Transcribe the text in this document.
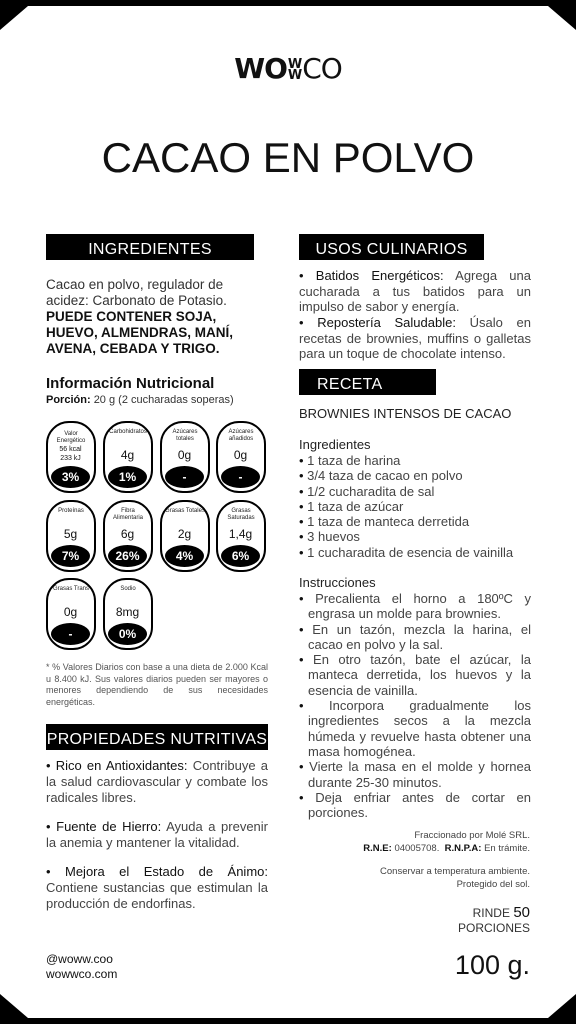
WO W
W CO
CACAO EN POLVO
INGREDIENTES
Cacao en polvo, regulador de acidez: Carbonato de Potasio. PUEDE CONTENER SOJA, HUEVO, ALMENDRAS, MANÍ, AVENA, CEBADA Y TRIGO.
Información Nutricional
Porción: 20 g (2 cucharadas soperas)
Valor Energético
56 kcal
233 kJ
3%
Carbohidratos
4g
1%
Azúcares totales
0g
-
Azúcares añadidos
0g
-
Proteínas
5g
7%
Fibra Alimentaria
6g
26%
Grasas Totales
2g
4%
Grasas Saturadas
1,4g
6%
Grasas Trans
0g
-
Sodio
8mg
0%
* % Valores Diarios con base a una dieta de 2.000 Kcal u 8.400 kJ. Sus valores diarios pueden ser mayores o menores dependiendo de sus necesidades energéticas.
PROPIEDADES NUTRITIVAS
• Rico en Antioxidantes: Contribuye a la salud cardiovascular y combate los radicales libres.
• Fuente de Hierro: Ayuda a prevenir la anemia y mantener la vitalidad.
• Mejora el Estado de Ánimo: Contiene sustancias que estimulan la producción de endorfinas.
USOS CULINARIOS
• Batidos Energéticos: Agrega una cucharada a tus batidos para un impulso de sabor y energía.
• Repostería Saludable: Úsalo en recetas de brownies, muffins o galletas para un toque de chocolate intenso.
RECETA
BROWNIES INTENSOS DE CACAO
Ingredientes
• 1 taza de harina
• 3/4 taza de cacao en polvo
• 1/2 cucharadita de sal
• 1 taza de azúcar
• 1 taza de manteca derretida
• 3 huevos
• 1 cucharadita de esencia de vainilla
Instrucciones
• Precalienta el horno a 180ºC y engrasa un molde para brownies.
• En un tazón, mezcla la harina, el cacao en polvo y la sal.
• En otro tazón, bate el azúcar, la manteca derretida, los huevos y la esencia de vainilla.
• Incorpora gradualmente los ingredientes secos a la mezcla húmeda y revuelve hasta obtener una masa homogénea.
• Vierte la masa en el molde y hornea durante 25-30 minutos.
• Deja enfriar antes de cortar en porciones.
Fraccionado por Molé SRL.
R.N.E: 04005708. R.N.P.A: En trámite.
Conservar a temperatura ambiente.
Protegido del sol.
RINDE 50
PORCIONES
100 g.
@woww.coo
wowwco.com
